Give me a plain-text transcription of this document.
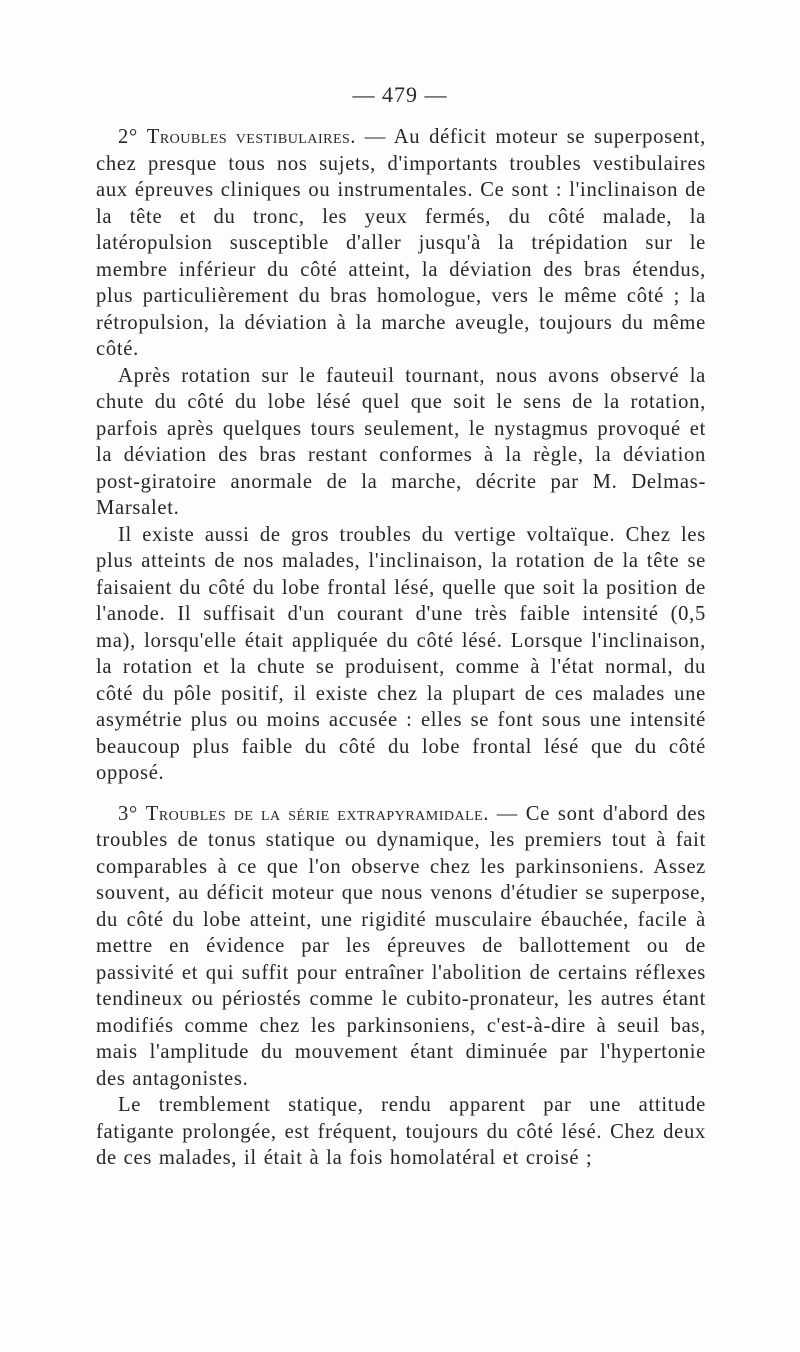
— 479 —

2° Troubles vestibulaires. — Au déficit moteur se superposent, chez presque tous nos sujets, d'importants troubles vestibulaires aux épreuves cliniques ou instrumentales. Ce sont : l'inclinaison de la tête et du tronc, les yeux fermés, du côté malade, la latéropulsion susceptible d'aller jusqu'à la trépidation sur le membre inférieur du côté atteint, la déviation des bras étendus, plus particulièrement du bras homologue, vers le même côté ; la rétropulsion, la déviation à la marche aveugle, toujours du même côté.

Après rotation sur le fauteuil tournant, nous avons observé la chute du côté du lobe lésé quel que soit le sens de la rotation, parfois après quelques tours seulement, le nystagmus provoqué et la déviation des bras restant conformes à la règle, la déviation post-giratoire anormale de la marche, décrite par M. Delmas-Marsalet.

Il existe aussi de gros troubles du vertige voltaïque. Chez les plus atteints de nos malades, l'inclinaison, la rotation de la tête se faisaient du côté du lobe frontal lésé, quelle que soit la position de l'anode. Il suffisait d'un courant d'une très faible intensité (0,5 ma), lorsqu'elle était appliquée du côté lésé. Lorsque l'inclinaison, la rotation et la chute se produisent, comme à l'état normal, du côté du pôle positif, il existe chez la plupart de ces malades une asymétrie plus ou moins accusée : elles se font sous une intensité beaucoup plus faible du côté du lobe frontal lésé que du côté opposé.

3° Troubles de la série extrapyramidale. — Ce sont d'abord des troubles de tonus statique ou dynamique, les premiers tout à fait comparables à ce que l'on observe chez les parkinsoniens. Assez souvent, au déficit moteur que nous venons d'étudier se superpose, du côté du lobe atteint, une rigidité musculaire ébauchée, facile à mettre en évidence par les épreuves de ballottement ou de passivité et qui suffit pour entraîner l'abolition de certains réflexes tendineux ou périostés comme le cubito-pronateur, les autres étant modifiés comme chez les parkinsoniens, c'est-à-dire à seuil bas, mais l'amplitude du mouvement étant diminuée par l'hypertonie des antagonistes.

Le tremblement statique, rendu apparent par une attitude fatigante prolongée, est fréquent, toujours du côté lésé. Chez deux de ces malades, il était à la fois homolatéral et croisé ;
